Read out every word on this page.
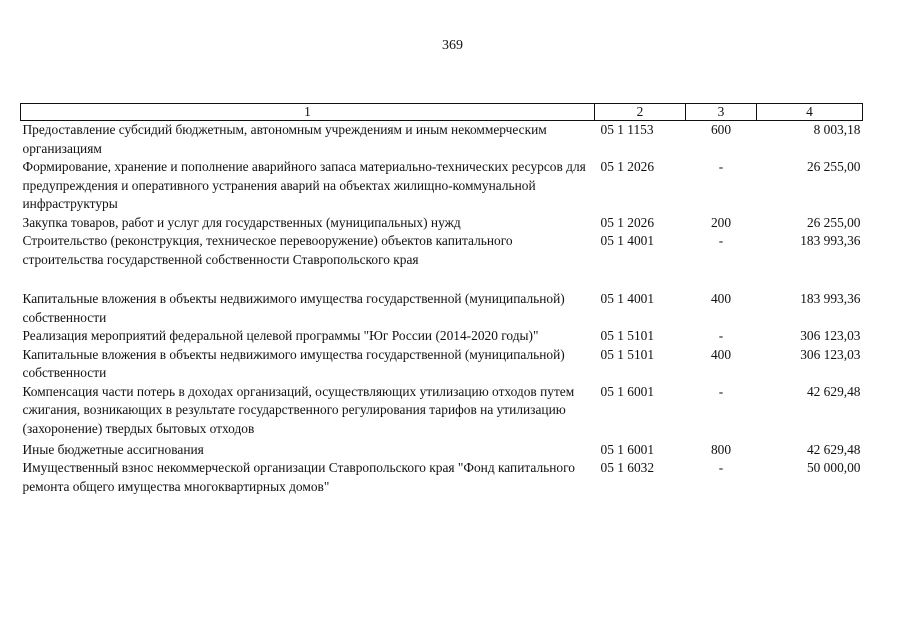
369
1	2	3	4
Предоставление субсидий бюджетным, автономным учреждениям и иным некоммерческим организациям	05 1 1153	600	8 003,18
Формирование, хранение и пополнение аварийного запаса материально-технических ресурсов для предупреждения и оперативного устранения аварий на объектах жилищно-коммунальной инфраструктуры	05 1 2026	-	26 255,00
Закупка товаров, работ и услуг для государственных (муниципальных) нужд	05 1 2026	200	26 255,00
Строительство (реконструкция, техническое перевооружение) объектов капитального строительства государственной собственности Ставропольского края	05 1 4001	-	183 993,36
Капитальные вложения в объекты недвижимого имущества государственной (муниципальной) собственности	05 1 4001	400	183 993,36
Реализация мероприятий федеральной целевой программы "Юг России (2014-2020 годы)"	05 1 5101	-	306 123,03
Капитальные вложения в объекты недвижимого имущества государственной (муниципальной) собственности	05 1 5101	400	306 123,03
Компенсация части потерь в доходах организаций, осуществляющих утилизацию отходов путем сжигания, возникающих в результате государственного регулирования тарифов на утилизацию (захоронение) твердых бытовых отходов	05 1 6001	-	42 629,48
Иные бюджетные ассигнования	05 1 6001	800	42 629,48
Имущественный взнос некоммерческой организации Ставропольского края "Фонд капитального ремонта общего имущества многоквартирных домов"	05 1 6032	-	50 000,00
